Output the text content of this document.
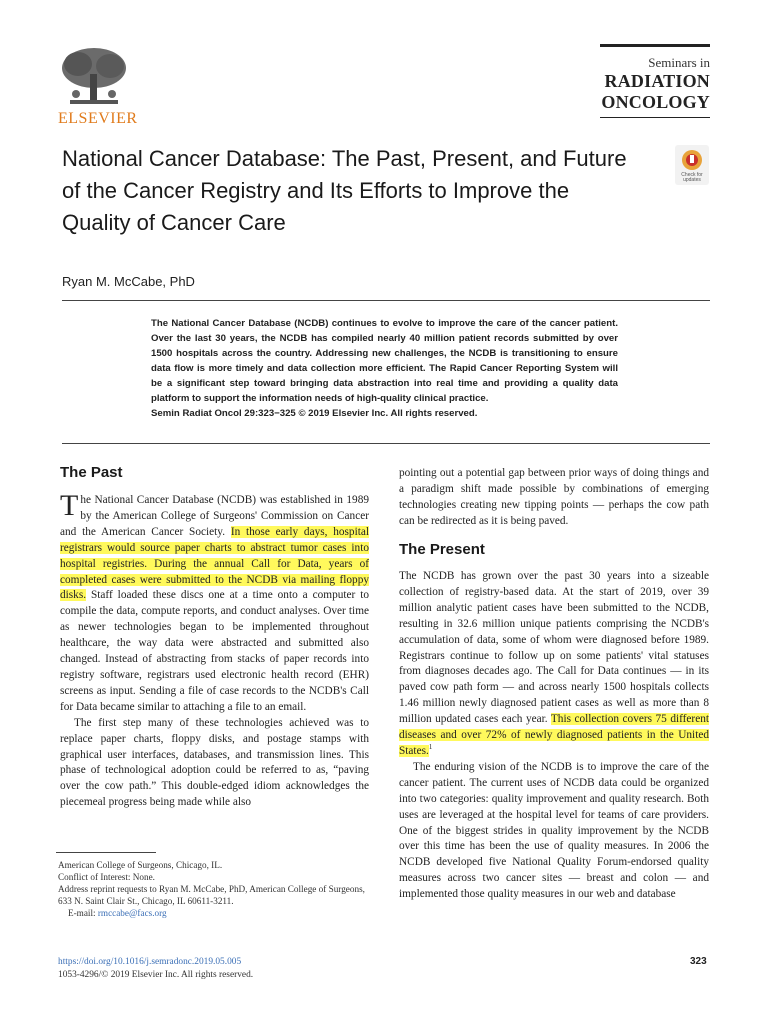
ELSEVIER
Seminars in
RADIATION
ONCOLOGY
National Cancer Database: The Past, Present, and Future of the Cancer Registry and Its Efforts to Improve the Quality of Cancer Care
Check for updates
Ryan M. McCabe, PhD
The National Cancer Database (NCDB) continues to evolve to improve the care of the cancer patient. Over the last 30 years, the NCDB has compiled nearly 40 million patient records submitted by over 1500 hospitals across the country. Addressing new challenges, the NCDB is transitioning to ensure data flow is more timely and data collection more efficient. The Rapid Cancer Reporting System will be a significant step toward bringing data abstraction into real time and providing a quality data platform to support the information needs of high-quality clinical practice.
Semin Radiat Oncol 29:323−325 © 2019 Elsevier Inc. All rights reserved.
The Past

The National Cancer Database (NCDB) was established in 1989 by the American College of Surgeons' Commission on Cancer and the American Cancer Society. In those early days, hospital registrars would source paper charts to abstract tumor cases into hospital registries. During the annual Call for Data, years of completed cases were submitted to the NCDB via mailing floppy disks. Staff loaded these discs one at a time onto a computer to compile the data, compute reports, and conduct analyses. Over time as newer technologies began to be implemented throughout healthcare, the way data were abstracted and submitted also changed. Instead of abstracting from stacks of paper records into registry software, registrars used electronic health record (EHR) screens as input. Sending a file of case records to the NCDB's Call for Data became similar to attaching a file to an email.

The first step many of these technologies achieved was to replace paper charts, floppy disks, and postage stamps with graphical user interfaces, databases, and transmission lines. This phase of technological adoption could be referred to as, “paving over the cow path.” This double-edged idiom acknowledges the piecemeal progress being made while also

pointing out a potential gap between prior ways of doing things and a paradigm shift made possible by combinations of emerging technologies creating new tipping points — perhaps the cow path can be redirected as it is being paved.

The Present

The NCDB has grown over the past 30 years into a sizeable collection of registry-based data. At the start of 2019, over 39 million analytic patient cases have been submitted to the NCDB, resulting in 32.6 million unique patients comprising the NCDB's accumulation of data, some of whom were diagnosed before 1989. Registrars continue to follow up on some patients' vital statuses from diagnoses decades ago. The Call for Data continues — in its paved cow path form — and across nearly 1500 hospitals collects 1.46 million newly diagnosed patient cases as well as more than 8 million updated cases each year. This collection covers 75 different diseases and over 72% of newly diagnosed patients in the United States.$^1$

The enduring vision of the NCDB is to improve the care of the cancer patient. The current uses of NCDB data could be organized into two categories: quality improvement and quality research. Both uses are leveraged at the hospital level for teams of care providers. One of the biggest strides in quality improvement by the NCDB over this time has been the use of quality measures. In 2006 the NCDB developed five National Quality Forum-endorsed quality measures across two cancer sites — breast and colon — and implemented those quality measures in our web and database

American College of Surgeons, Chicago, IL.

Conflict of Interest: None.

Address reprint requests to Ryan M. McCabe, PhD, American College of Surgeons, 633 N. Saint Clair St., Chicago, IL 60611-3211.

E-mail: rmccabe@facs.org

https://doi.org/10.1016/j.semradonc.2019.05.005
1053-4296/© 2019 Elsevier Inc. All rights reserved.
323
